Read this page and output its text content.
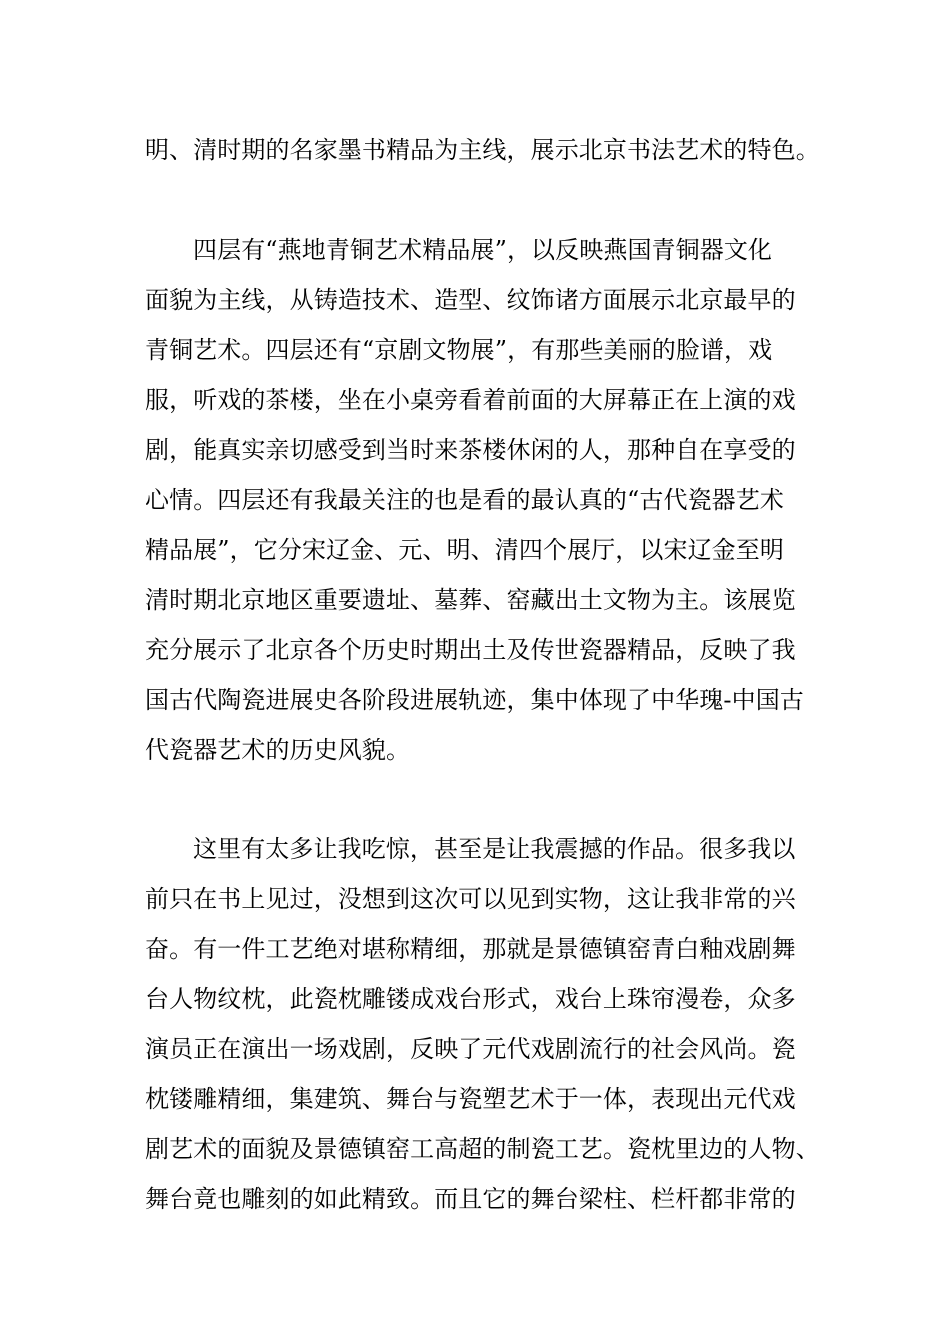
明、清时期的名家墨书精品为主线，展示北京书法艺术的特色。

四层有“燕地青铜艺术精品展”，以反映燕国青铜器文化

面貌为主线，从铸造技术、造型、纹饰诸方面展示北京最早的

青铜艺术。四层还有“京剧文物展”，有那些美丽的脸谱，戏

服，听戏的茶楼，坐在小桌旁看着前面的大屏幕正在上演的戏

剧，能真实亲切感受到当时来茶楼休闲的人，那种自在享受的

心情。四层还有我最关注的也是看的最认真的“古代瓷器艺术

精品展”，它分宋辽金、元、明、清四个展厅，以宋辽金至明

清时期北京地区重要遗址、墓葬、窑藏出土文物为主。该展览

充分展示了北京各个历史时期出土及传世瓷器精品，反映了我

国古代陶瓷进展史各阶段进展轨迹，集中体现了中华瑰-中国古

代瓷器艺术的历史风貌。

这里有太多让我吃惊，甚至是让我震撼的作品。很多我以

前只在书上见过，没想到这次可以见到实物，这让我非常的兴

奋。有一件工艺绝对堪称精细，那就是景德镇窑青白釉戏剧舞

台人物纹枕，此瓷枕雕镂成戏台形式，戏台上珠帘漫卷，众多

演员正在演出一场戏剧，反映了元代戏剧流行的社会风尚。瓷

枕镂雕精细，集建筑、舞台与瓷塑艺术于一体，表现出元代戏

剧艺术的面貌及景德镇窑工高超的制瓷工艺。瓷枕里边的人物、

舞台竟也雕刻的如此精致。而且它的舞台梁柱、栏杆都非常的
